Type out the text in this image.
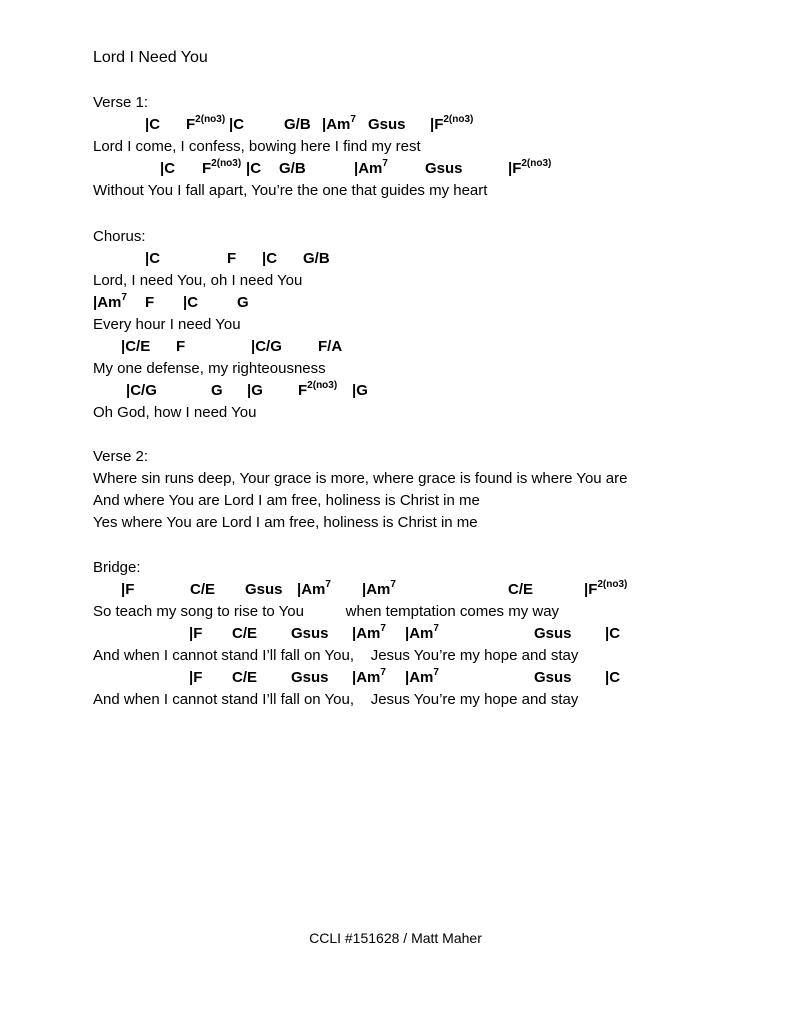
Lord I Need You
Verse 1:
|C $F^{2(no3)}$ |C	G/B |Am$^7$ Gsus $|F^{2(no3)}$
Lord I come, I confess, bowing here I find my rest
|C $F^{2(no3)}$ |C G/B	|Am$^7$ Gsus	$|F^{2(no3)}$
Without You I fall apart, You’re the one that guides my heart
Chorus:
|C	F |C G/B
Lord, I need You, oh I need You
|Am$^7$ F |C	G
Every hour I need You
|C/E F	|C/G F/A
My one defense, my righteousness
|C/G	G |G $F^{2(no3)}$ |G
Oh God, how I need You
Verse 2:
Where sin runs deep, Your grace is more, where grace is found is where You are
And where You are Lord I am free, holiness is Christ in me
Yes where You are Lord I am free, holiness is Christ in me
Bridge:
|F	C/E Gsus |Am$^7$ |Am$^7$	C/E	$|F^{2(no3)}$
So teach my song to rise to You          when temptation comes my way
|F C/E Gsus |Am$^7$ |Am$^7$	Gsus |C
And when I cannot stand I’ll fall on You,    Jesus You’re my hope and stay
|F C/E Gsus |Am$^7$ |Am$^7$	Gsus |C
And when I cannot stand I’ll fall on You,    Jesus You’re my hope and stay
CCLI #151628 / Matt Maher
